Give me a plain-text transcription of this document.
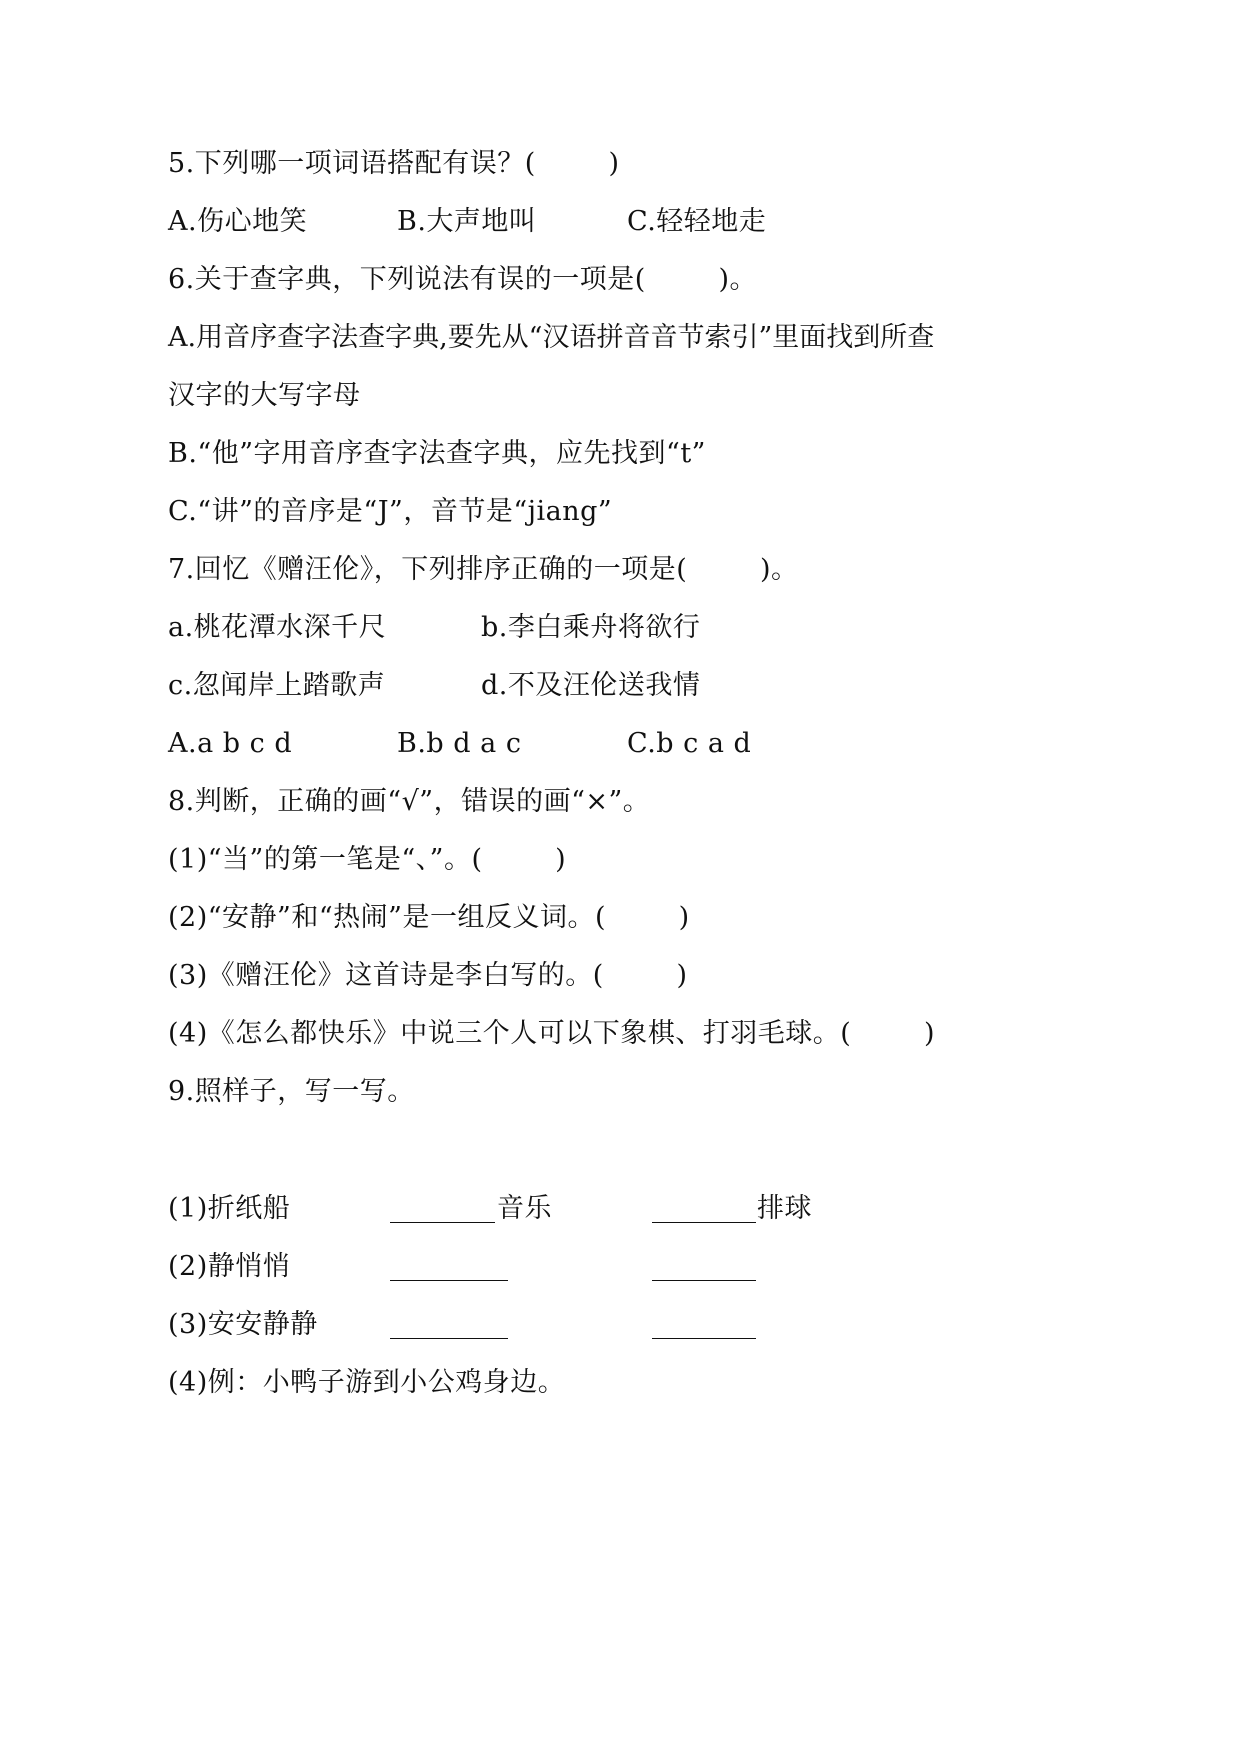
5.下列哪一项词语搭配有误？(        )
A.伤心地笑	B.大声地叫	C.轻轻地走
6.关于查字典，下列说法有误的一项是(        )。
A.用音序查字法查字典,要先从“汉语拼音音节索引”里面找到所查
汉字的大写字母
B.“他”字用音序查字法查字典，应先找到“t”
C.“讲”的音序是“J”，音节是“jiang”
7.回忆《赠汪伦》，下列排序正确的一项是(        )。
a.桃花潭水深千尺	b.李白乘舟将欲行
c.忽闻岸上踏歌声	d.不及汪伦送我情
A.a b c d	B.b d a c	C.b c a d
8.判断，正确的画“√”，错误的画“×”。
(1)“当”的第一笔是“、”。(        )
(2)“安静”和“热闹”是一组反义词。(        )
(3)《赠汪伦》这首诗是李白写的。(        )
(4)《怎么都快乐》中说三个人可以下象棋、打羽毛球。(        )
9.照样子，写一写。
(1)折纸船	音乐	排球
(2)静悄悄
(3)安安静静
(4)例：小鸭子游到小公鸡身边。
